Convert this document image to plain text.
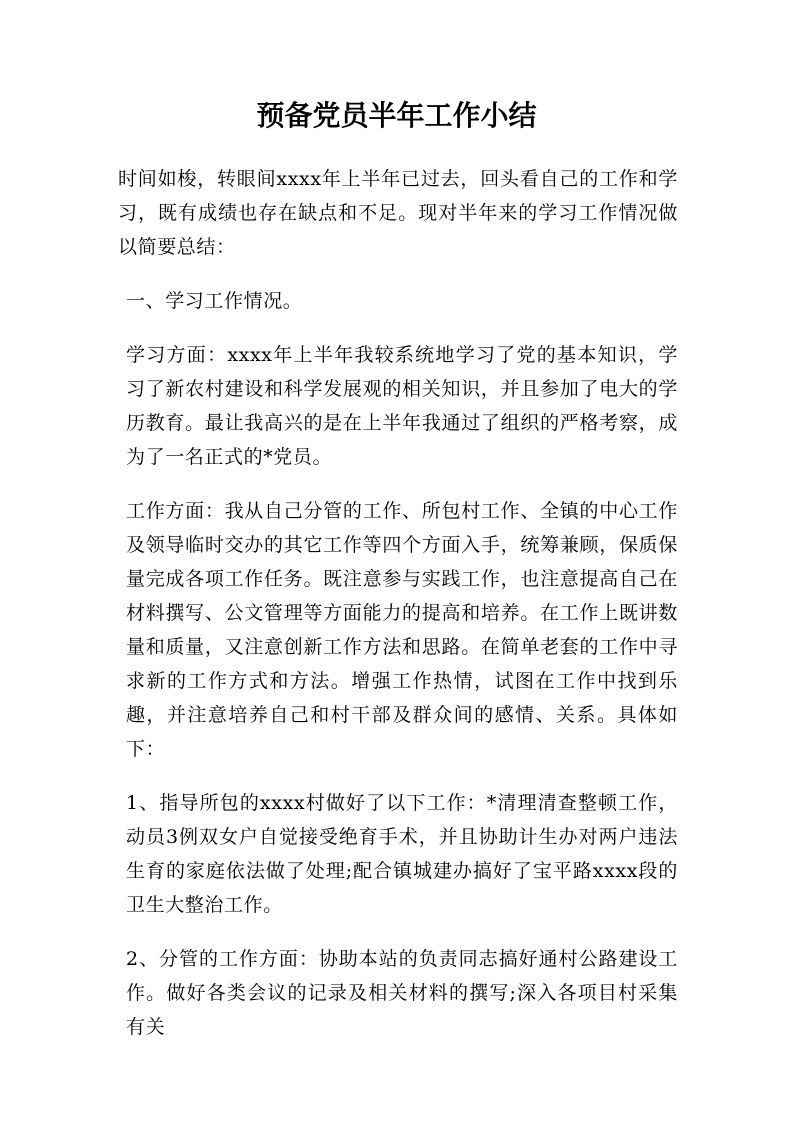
预备党员半年工作小结

时间如梭，转眼间xxxx年上半年已过去，回头看自己的工作和学习，既有成绩也存在缺点和不足。现对半年来的学习工作情况做以简要总结：

一、学习工作情况。

学习方面：xxxx年上半年我较系统地学习了党的基本知识，学习了新农村建设和科学发展观的相关知识，并且参加了电大的学历教育。最让我高兴的是在上半年我通过了组织的严格考察，成为了一名正式的*党员。

工作方面：我从自己分管的工作、所包村工作、全镇的中心工作及领导临时交办的其它工作等四个方面入手，统筹兼顾，保质保量完成各项工作任务。既注意参与实践工作，也注意提高自己在材料撰写、公文管理等方面能力的提高和培养。在工作上既讲数量和质量，又注意创新工作方法和思路。在简单老套的工作中寻求新的工作方式和方法。增强工作热情，试图在工作中找到乐趣，并注意培养自己和村干部及群众间的感情、关系。具体如下：

1、指导所包的xxxx村做好了以下工作：*清理清查整顿工作，动员3例双女户自觉接受绝育手术，并且协助计生办对两户违法生育的家庭依法做了处理;配合镇城建办搞好了宝平路xxxx段的卫生大整治工作。

2、分管的工作方面：协助本站的负责同志搞好通村公路建设工作。做好各类会议的记录及相关材料的撰写;深入各项目村采集有关
